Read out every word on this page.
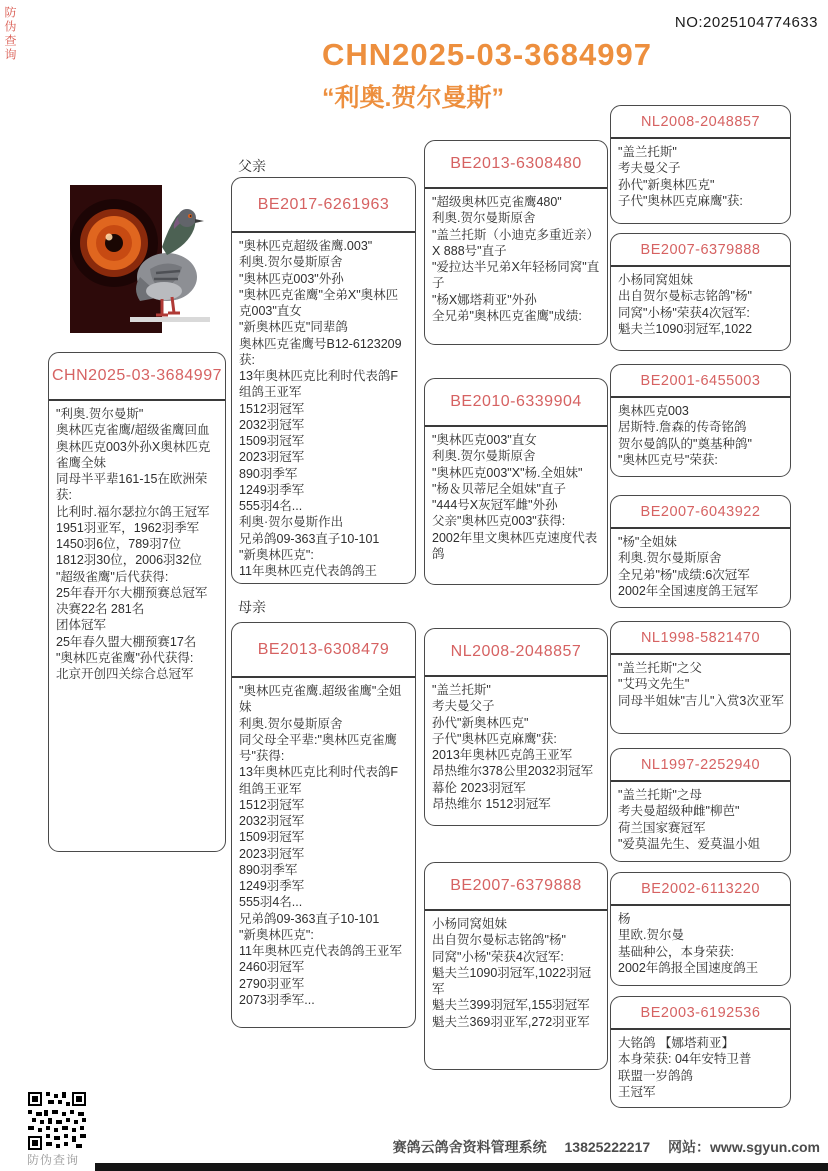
防伪查询	NO:2025104774633
CHN2025-03-3684997
“利奥.贺尔曼斯”
父亲
母亲
CHN2025-03-3684997
"利奥.贺尔曼斯"
奥林匹克雀鹰/超级雀鹰回血
奥林匹克003外孙X奥林匹克雀鹰全妹
同母半平辈161-15在欧洲荣获:
比利时.福尔瑟拉尔鸽王冠军
1951羽亚军，1962羽季军
1450羽6位，789羽7位
1812羽30位，2006羽32位
"超级雀鹰"后代获得:
25年春开尔大棚预赛总冠军 决赛22名 281名
团体冠军
25年春久盟大棚预赛17名
"奥林匹克雀鹰"孙代获得:
北京开创四关综合总冠军
BE2017-6261963
"奥林匹克超级雀鹰.003"
利奥.贺尔曼斯原舍
"奥林匹克003"外孙
"奥林匹克雀鹰"全弟X"奥林匹克003"直女
"新奥林匹克"同辈鸽
奥林匹克雀鹰号B12-6123209获:
13年奥林匹克比利时代表鸽F组鸽王亚军
1512羽冠军
2032羽冠军
1509羽冠军
2023羽冠军
890羽季军
1249羽季军
555羽4名...
利奥·贺尔曼斯作出
兄弟鸽09-363直子10-101
"新奥林匹克":
11年奥林匹克代表鸽鸽王
BE2013-6308479
"奥林匹克雀鹰.超级雀鹰"全姐妹
利奥.贺尔曼斯原舍
同父母全平辈:"奥林匹克雀鹰号"获得:
13年奥林匹克比利时代表鸽F组鸽王亚军
1512羽冠军
2032羽冠军
1509羽冠军
2023羽冠军
890羽季军
1249羽季军
555羽4名...
兄弟鸽09-363直子10-101
"新奥林匹克":
11年奥林匹克代表鸽鸽王亚军
2460羽冠军
2790羽亚军
2073羽季军...
BE2013-6308480
"超级奥林匹克雀鹰480"
利奥.贺尔曼斯原舍
"盖兰托斯（小迪克多重近亲）X 888号"直子
"爱拉达半兄弟X年轻杨同窝"直子
"杨X娜塔莉亚"外孙
全兄弟"奥林匹克雀鹰"成绩:
BE2010-6339904
"奥林匹克003"直女
利奥.贺尔曼斯原舍
"奥林匹克003"X"杨.全姐妹"
"杨＆贝蒂尼全姐妹"直子
"444号X灰冠军雌"外孙
父亲"奥林匹克003"获得:
2002年里文奥林匹克速度代表鸽
NL2008-2048857
"盖兰托斯"
考夫曼父子
孙代"新奥林匹克"
子代"奥林匹克麻鹰"获:
2013年奥林匹克鸽王亚军
昂热维尔378公里2032羽冠军
幕伦 2023羽冠军
昂热维尔 1512羽冠军
BE2007-6379888
小杨同窝姐妹
出自贺尔曼标志铭鸽"杨"
同窝"小杨"荣获4次冠军:
魁夫兰1090羽冠军,1022羽冠军
魁夫兰399羽冠军,155羽冠军
魁夫兰369羽亚军,272羽亚军
NL2008-2048857
"盖兰托斯"
考夫曼父子
孙代"新奥林匹克"
子代"奥林匹克麻鹰"获:
BE2007-6379888
小杨同窝姐妹
出自贺尔曼标志铭鸽"杨"
同窝"小杨"荣获4次冠军:
魁夫兰1090羽冠军,1022
BE2001-6455003
奥林匹克003
居斯特.詹森的传奇铭鸽
贺尔曼鸽队的"奠基种鸽"
"奥林匹克号"荣获:
BE2007-6043922
"杨"全姐妹
利奥.贺尔曼斯原舍
全兄弟"杨"成绩:6次冠军
2002年全国速度鸽王冠军
NL1998-5821470
"盖兰托斯"之父
"艾玛文先生"
同母半姐妹"吉儿"入赏3次亚军
NL1997-2252940
"盖兰托斯"之母
考夫曼超级种雌"柳芭"
荷兰国家赛冠军
"爱莫温先生、爱莫温小姐
BE2002-6113220
杨
里欧.贺尔曼
基础种公，本身荣获:
2002年鸽报全国速度鸽王
BE2003-6192536
大铭鸽 【娜塔莉亚】
本身荣获: 04年安特卫普
联盟一岁鸽鸽
王冠军
防伪查询
赛鸽云鸽舍资料管理系统 13825222217 网站：www.sgyun.com
